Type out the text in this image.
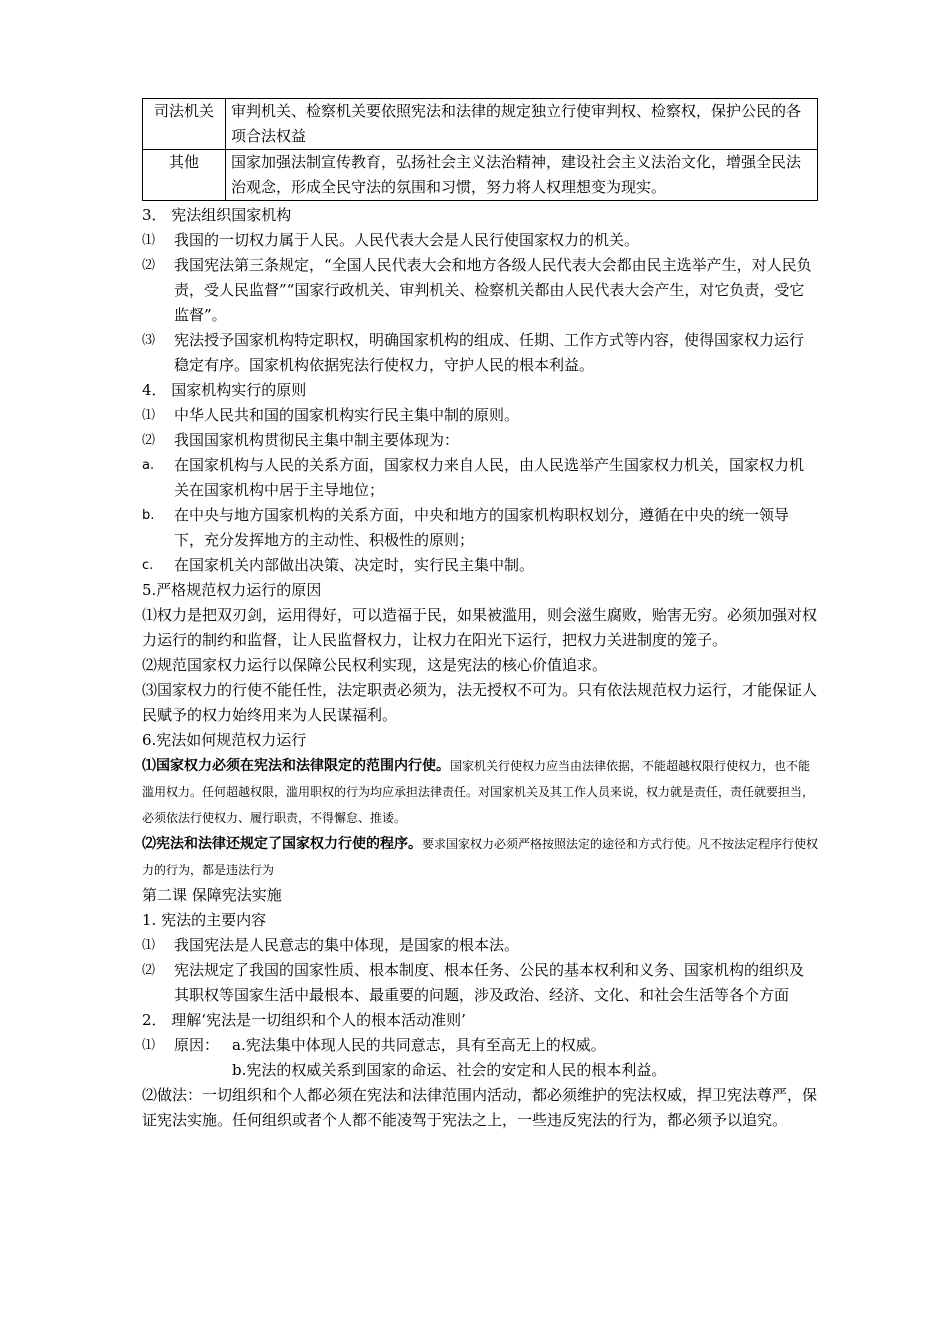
司法机关	审判机关、检察机关要依照宪法和法律的规定独立行使审判权、检察权，保护公民的各项合法权益
其他	国家加强法制宣传教育，弘扬社会主义法治精神，建设社会主义法治文化，增强全民法治观念，形成全民守法的氛围和习惯，努力将人权理想变为现实。

3． 宪法组织国家机构

⑴	我国的一切权力属于人民。人民代表大会是人民行使国家权力的机关。
⑵	我国宪法第三条规定，“全国人民代表大会和地方各级人民代表大会都由民主选举产生，对人民负责，受人民监督”“国家行政机关、审判机关、检察机关都由人民代表大会产生，对它负责，受它监督”。
⑶	宪法授予国家机构特定职权，明确国家机构的组成、任期、工作方式等内容，使得国家权力运行稳定有序。国家机构依据宪法行使权力，守护人民的根本利益。

4． 国家机构实行的原则

⑴	中华人民共和国的国家机构实行民主集中制的原则。
⑵	我国国家机构贯彻民主集中制主要体现为：
a.	在国家机构与人民的关系方面，国家权力来自人民，由人民选举产生国家权力机关，国家权力机关在国家机构中居于主导地位；
b.	在中央与地方国家机构的关系方面，中央和地方的国家机构职权划分，遵循在中央的统一领导下，充分发挥地方的主动性、积极性的原则；
c.	在国家机关内部做出决策、决定时，实行民主集中制。

5.严格规范权力运行的原因

⑴权力是把双刃剑，运用得好，可以造福于民，如果被滥用，则会滋生腐败，贻害无穷。必须加强对权力运行的制约和监督，让人民监督权力，让权力在阳光下运行，把权力关进制度的笼子。

⑵规范国家权力运行以保障公民权利实现，这是宪法的核心价值追求。

⑶国家权力的行使不能任性，法定职责必须为，法无授权不可为。只有依法规范权力运行，才能保证人民赋予的权力始终用来为人民谋福利。

6.宪法如何规范权力运行

⑴国家权力必须在宪法和法律限定的范围内行使。国家机关行使权力应当由法律依据，不能超越权限行使权力，也不能滥用权力。任何超越权限，滥用职权的行为均应承担法律责任。对国家机关及其工作人员来说，权力就是责任，责任就要担当，必须依法行使权力、履行职责，不得懈怠、推诿。

⑵宪法和法律还规定了国家权力行使的程序。要求国家权力必须严格按照法定的途径和方式行使。凡不按法定程序行使权力的行为，都是违法行为

第二课 保障宪法实施

1. 宪法的主要内容

⑴	我国宪法是人民意志的集中体现，是国家的根本法。
⑵	宪法规定了我国的国家性质、根本制度、根本任务、公民的基本权利和义务、国家机构的组织及其职权等国家生活中最根本、最重要的问题，涉及政治、经济、文化、和社会生活等各个方面

2． 理解‘宪法是一切组织和个人的根本活动准则’

⑴	原因： a.宪法集中体现人民的共同意志，具有至高无上的权威。

b.宪法的权威关系到国家的命运、社会的安定和人民的根本利益。

⑵做法：一切组织和个人都必须在宪法和法律范围内活动，都必须维护的宪法权威，捍卫宪法尊严，保证宪法实施。任何组织或者个人都不能凌驾于宪法之上，一些违反宪法的行为，都必须予以追究。
